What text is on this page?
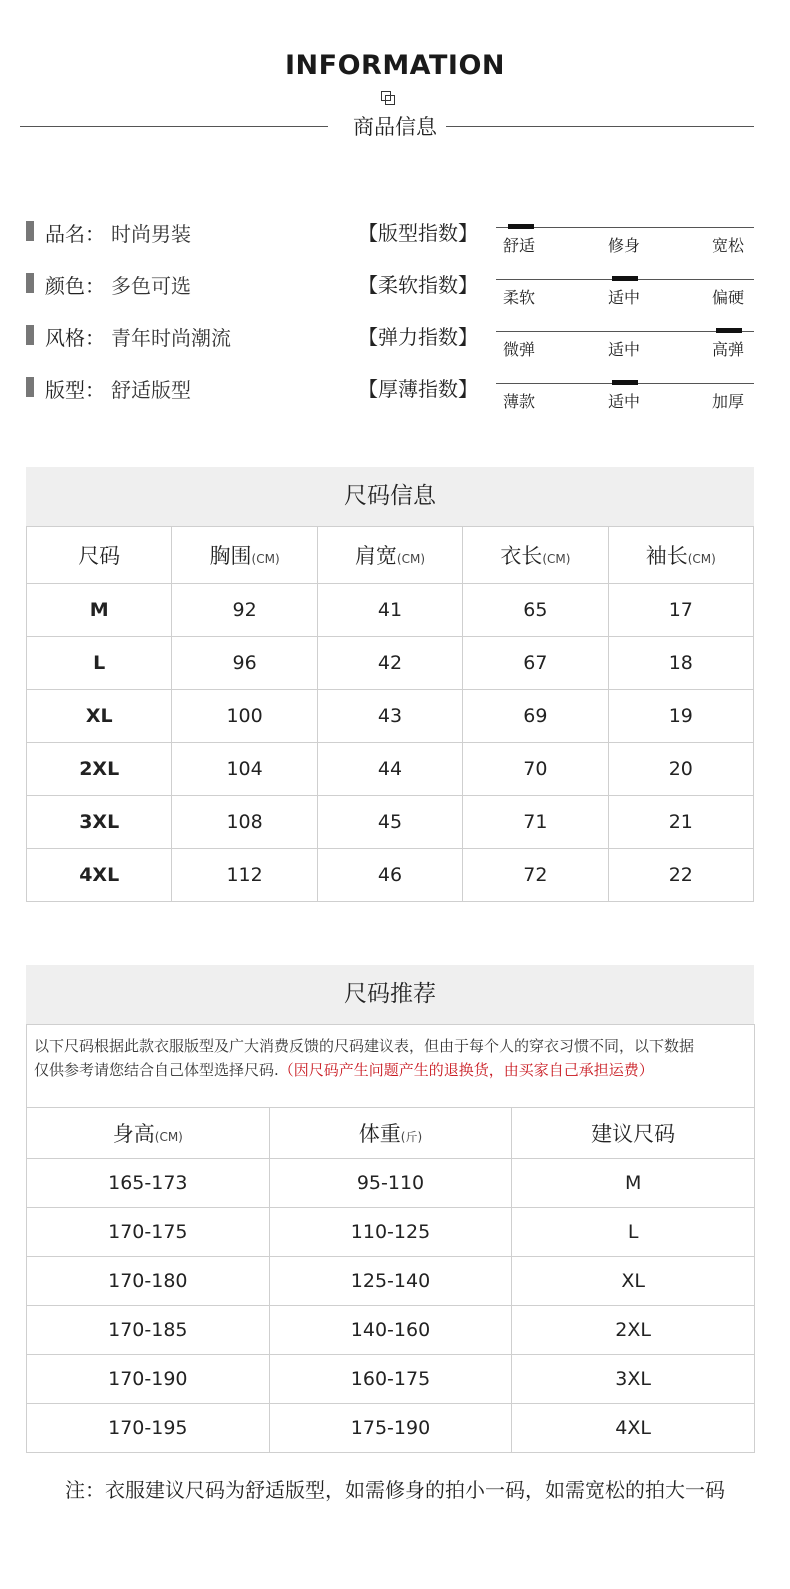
INFORMATION
商品信息
品名： 时尚男装	【版型指数】
舒适	修身	宽松
颜色： 多色可选	【柔软指数】
柔软	适中	偏硬
风格： 青年时尚潮流	【弹力指数】
微弹	适中	高弹
版型： 舒适版型	【厚薄指数】
薄款	适中	加厚
尺码信息
尺码	胸围(CM)	肩宽(CM)	衣长(CM)	袖长(CM)
M	92	41	65	17
L	96	42	67	18
XL	100	43	69	19
2XL	104	44	70	20
3XL	108	45	71	21
4XL	112	46	72	22
尺码推荐
以下尺码根据此款衣服版型及广大消费反馈的尺码建议表，但由于每个人的穿衣习惯不同，以下数据
仅供参考请您结合自己体型选择尺码.（因尺码产生问题产生的退换货，由买家自己承担运费）
身高(CM)	体重(斤)	建议尺码
165-173	95-110	M
170-175	110-125	L
170-180	125-140	XL
170-185	140-160	2XL
170-190	160-175	3XL
170-195	175-190	4XL
注：衣服建议尺码为舒适版型，如需修身的拍小一码，如需宽松的拍大一码
